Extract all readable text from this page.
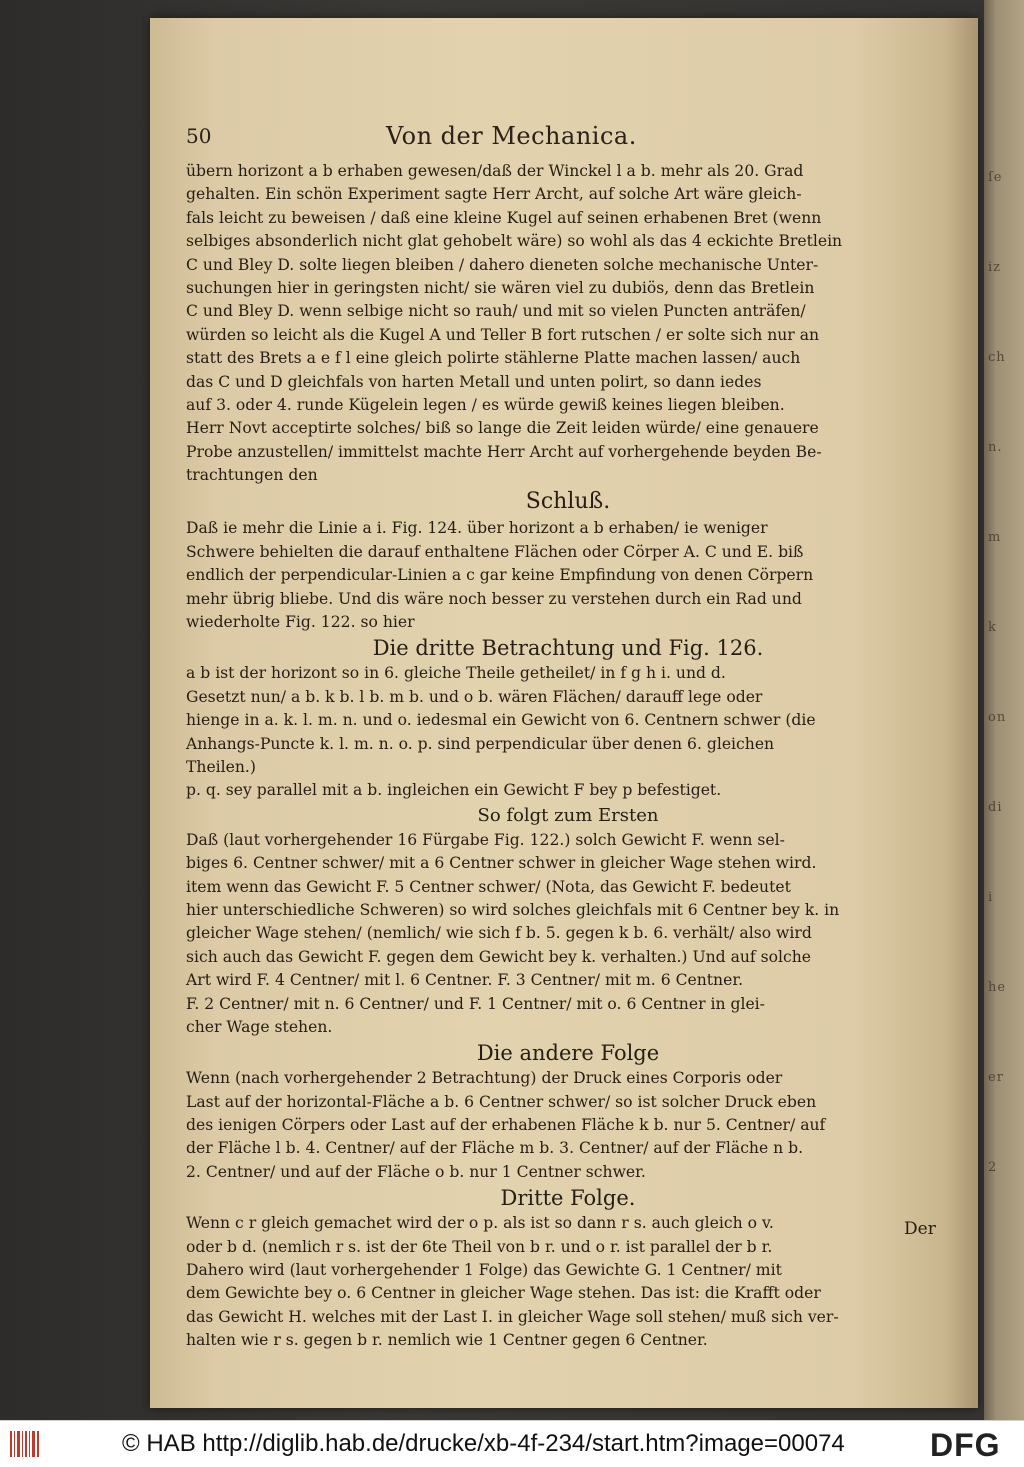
ſe
iz
ch
n.
m
k
on
di
i
he
er
2
50	Von der Mechanica.
übern horizont a b erhaben gewesen/daß der Winckel l a b. mehr als 20. Grad
gehalten. Ein schön Experiment sagte Herr Archt, auf solche Art wäre gleich-
fals leicht zu beweisen / daß eine kleine Kugel auf seinen erhabenen Bret (wenn
selbiges absonderlich nicht glat gehobelt wäre) so wohl als das 4 eckichte Bretlein
C und Bley D. solte liegen bleiben / dahero dieneten solche mechanische Unter-
suchungen hier in geringsten nicht/ sie wären viel zu dubiös, denn das Bretlein
C und Bley D. wenn selbige nicht so rauh/ und mit so vielen Puncten anträfen/
würden so leicht als die Kugel A und Teller B fort rutschen / er solte sich nur an
statt des Brets a e f l eine gleich polirte stählerne Platte machen lassen/ auch
das C und D gleichfals von harten Metall und unten polirt, so dann iedes
auf 3. oder 4. runde Kügelein legen / es würde gewiß keines liegen bleiben.
Herr Novt acceptirte solches/ biß so lange die Zeit leiden würde/ eine genauere
Probe anzustellen/ immittelst machte Herr Archt auf vorhergehende beyden Be-
trachtungen den
Schluß.
Daß ie mehr die Linie a i. Fig. 124. über horizont a b erhaben/ ie weniger
Schwere behielten die darauf enthaltene Flächen oder Cörper A. C und E. biß
endlich der perpendicular-Linien a c gar keine Empfindung von denen Cörpern
mehr übrig bliebe. Und dis wäre noch besser zu verstehen durch ein Rad und
wiederholte Fig. 122. so hier
Die dritte Betrachtung und Fig. 126.
a b ist der horizont so in 6. gleiche Theile getheilet/ in f g h i. und d.
Gesetzt nun/ a b. k b. l b. m b. und o b. wären Flächen/ darauff lege oder
hienge in a. k. l. m. n. und o. iedesmal ein Gewicht von 6. Centnern schwer (die
Anhangs-Puncte k. l. m. n. o. p. sind perpendicular über denen 6. gleichen
Theilen.)
p. q. sey parallel mit a b. ingleichen ein Gewicht F bey p befestiget.
So folgt zum Ersten
Daß (laut vorhergehender 16 Fürgabe Fig. 122.) solch Gewicht F. wenn sel-
biges 6. Centner schwer/ mit a 6 Centner schwer in gleicher Wage stehen wird.
item wenn das Gewicht F. 5 Centner schwer/ (Nota, das Gewicht F. bedeutet
hier unterschiedliche Schweren) so wird solches gleichfals mit 6 Centner bey k. in
gleicher Wage stehen/ (nemlich/ wie sich f b. 5. gegen k b. 6. verhält/ also wird
sich auch das Gewicht F. gegen dem Gewicht bey k. verhalten.) Und auf solche
Art wird F. 4 Centner/ mit l. 6 Centner. F. 3 Centner/ mit m. 6 Centner.
F. 2 Centner/ mit n. 6 Centner/ und F. 1 Centner/ mit o. 6 Centner in glei-
cher Wage stehen.
Die andere Folge
Wenn (nach vorhergehender 2 Betrachtung) der Druck eines Corporis oder
Last auf der horizontal-Fläche a b. 6 Centner schwer/ so ist solcher Druck eben
des ienigen Cörpers oder Last auf der erhabenen Fläche k b. nur 5. Centner/ auf
der Fläche l b. 4. Centner/ auf der Fläche m b. 3. Centner/ auf der Fläche n b.
2. Centner/ und auf der Fläche o b. nur 1 Centner schwer.
Dritte Folge.
Wenn c r gleich gemachet wird der o p. als ist so dann r s. auch gleich o v.
oder b d. (nemlich r s. ist der 6te Theil von b r. und o r. ist parallel der b r.
Dahero wird (laut vorhergehender 1 Folge) das Gewichte G. 1 Centner/ mit
dem Gewichte bey o. 6 Centner in gleicher Wage stehen. Das ist: die Krafft oder
das Gewicht H. welches mit der Last I. in gleicher Wage soll stehen/ muß sich ver-
halten wie r s. gegen b r. nemlich wie 1 Centner gegen 6 Centner.
Der
© HAB http://diglib.hab.de/drucke/xb-4f-234/start.htm?image=00074	DFG
